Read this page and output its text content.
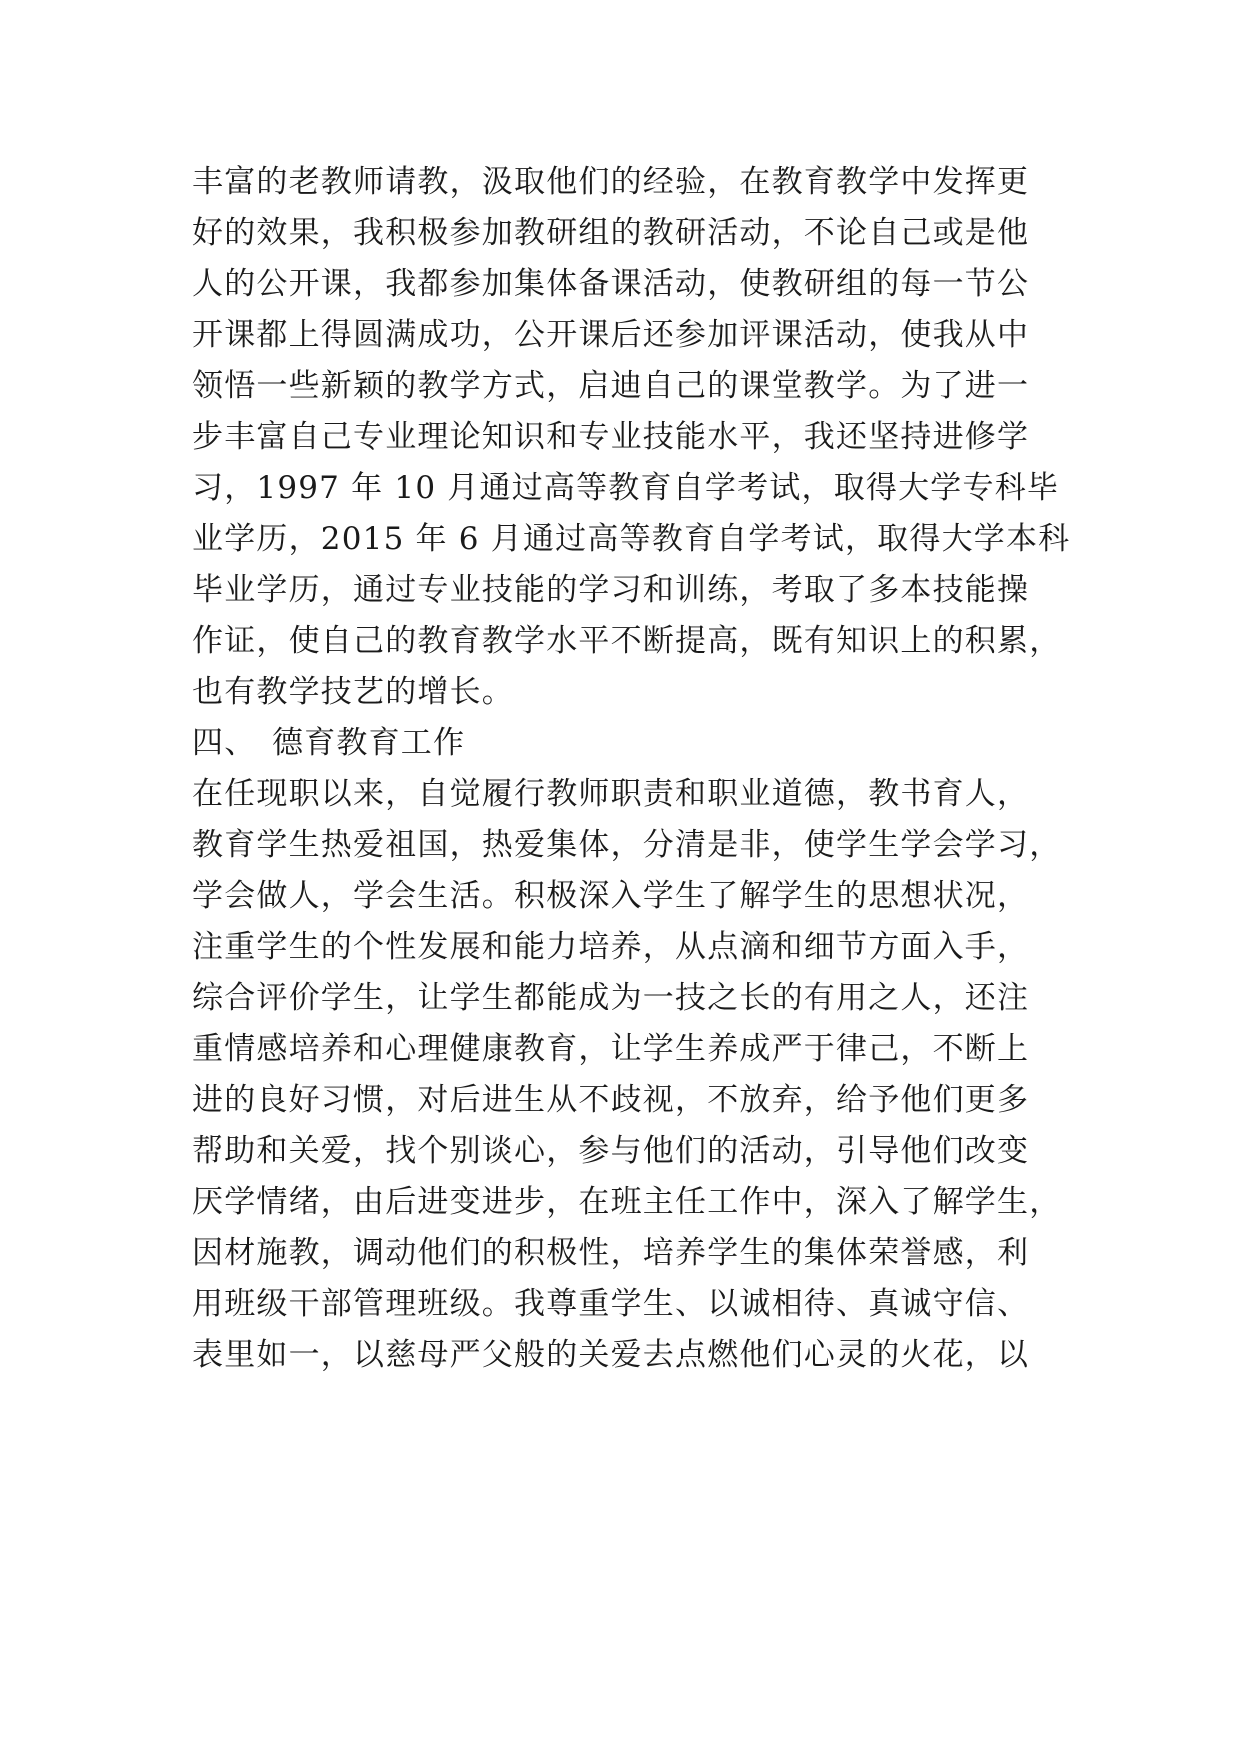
丰富的老教师请教，汲取他们的经验，在教育教学中发挥更
好的效果，我积极参加教研组的教研活动，不论自己或是他
人的公开课，我都参加集体备课活动，使教研组的每一节公
开课都上得圆满成功，公开课后还参加评课活动，使我从中
领悟一些新颖的教学方式，启迪自己的课堂教学。为了进一
步丰富自己专业理论知识和专业技能水平，我还坚持进修学
习，1997 年 10 月通过高等教育自学考试，取得大学专科毕
业学历，2015 年 6 月通过高等教育自学考试，取得大学本科
毕业学历，通过专业技能的学习和训练，考取了多本技能操
作证，使自己的教育教学水平不断提高，既有知识上的积累，
也有教学技艺的增长。
四、 德育教育工作
在任现职以来，自觉履行教师职责和职业道德，教书育人，
教育学生热爱祖国，热爱集体，分清是非，使学生学会学习，
学会做人，学会生活。积极深入学生了解学生的思想状况，
注重学生的个性发展和能力培养，从点滴和细节方面入手，
综合评价学生，让学生都能成为一技之长的有用之人，还注
重情感培养和心理健康教育，让学生养成严于律己，不断上
进的良好习惯，对后进生从不歧视，不放弃，给予他们更多
帮助和关爱，找个别谈心，参与他们的活动，引导他们改变
厌学情绪，由后进变进步，在班主任工作中，深入了解学生，
因材施教，调动他们的积极性，培养学生的集体荣誉感，利
用班级干部管理班级。我尊重学生、以诚相待、真诚守信、
表里如一，以慈母严父般的关爱去点燃他们心灵的火花，以
